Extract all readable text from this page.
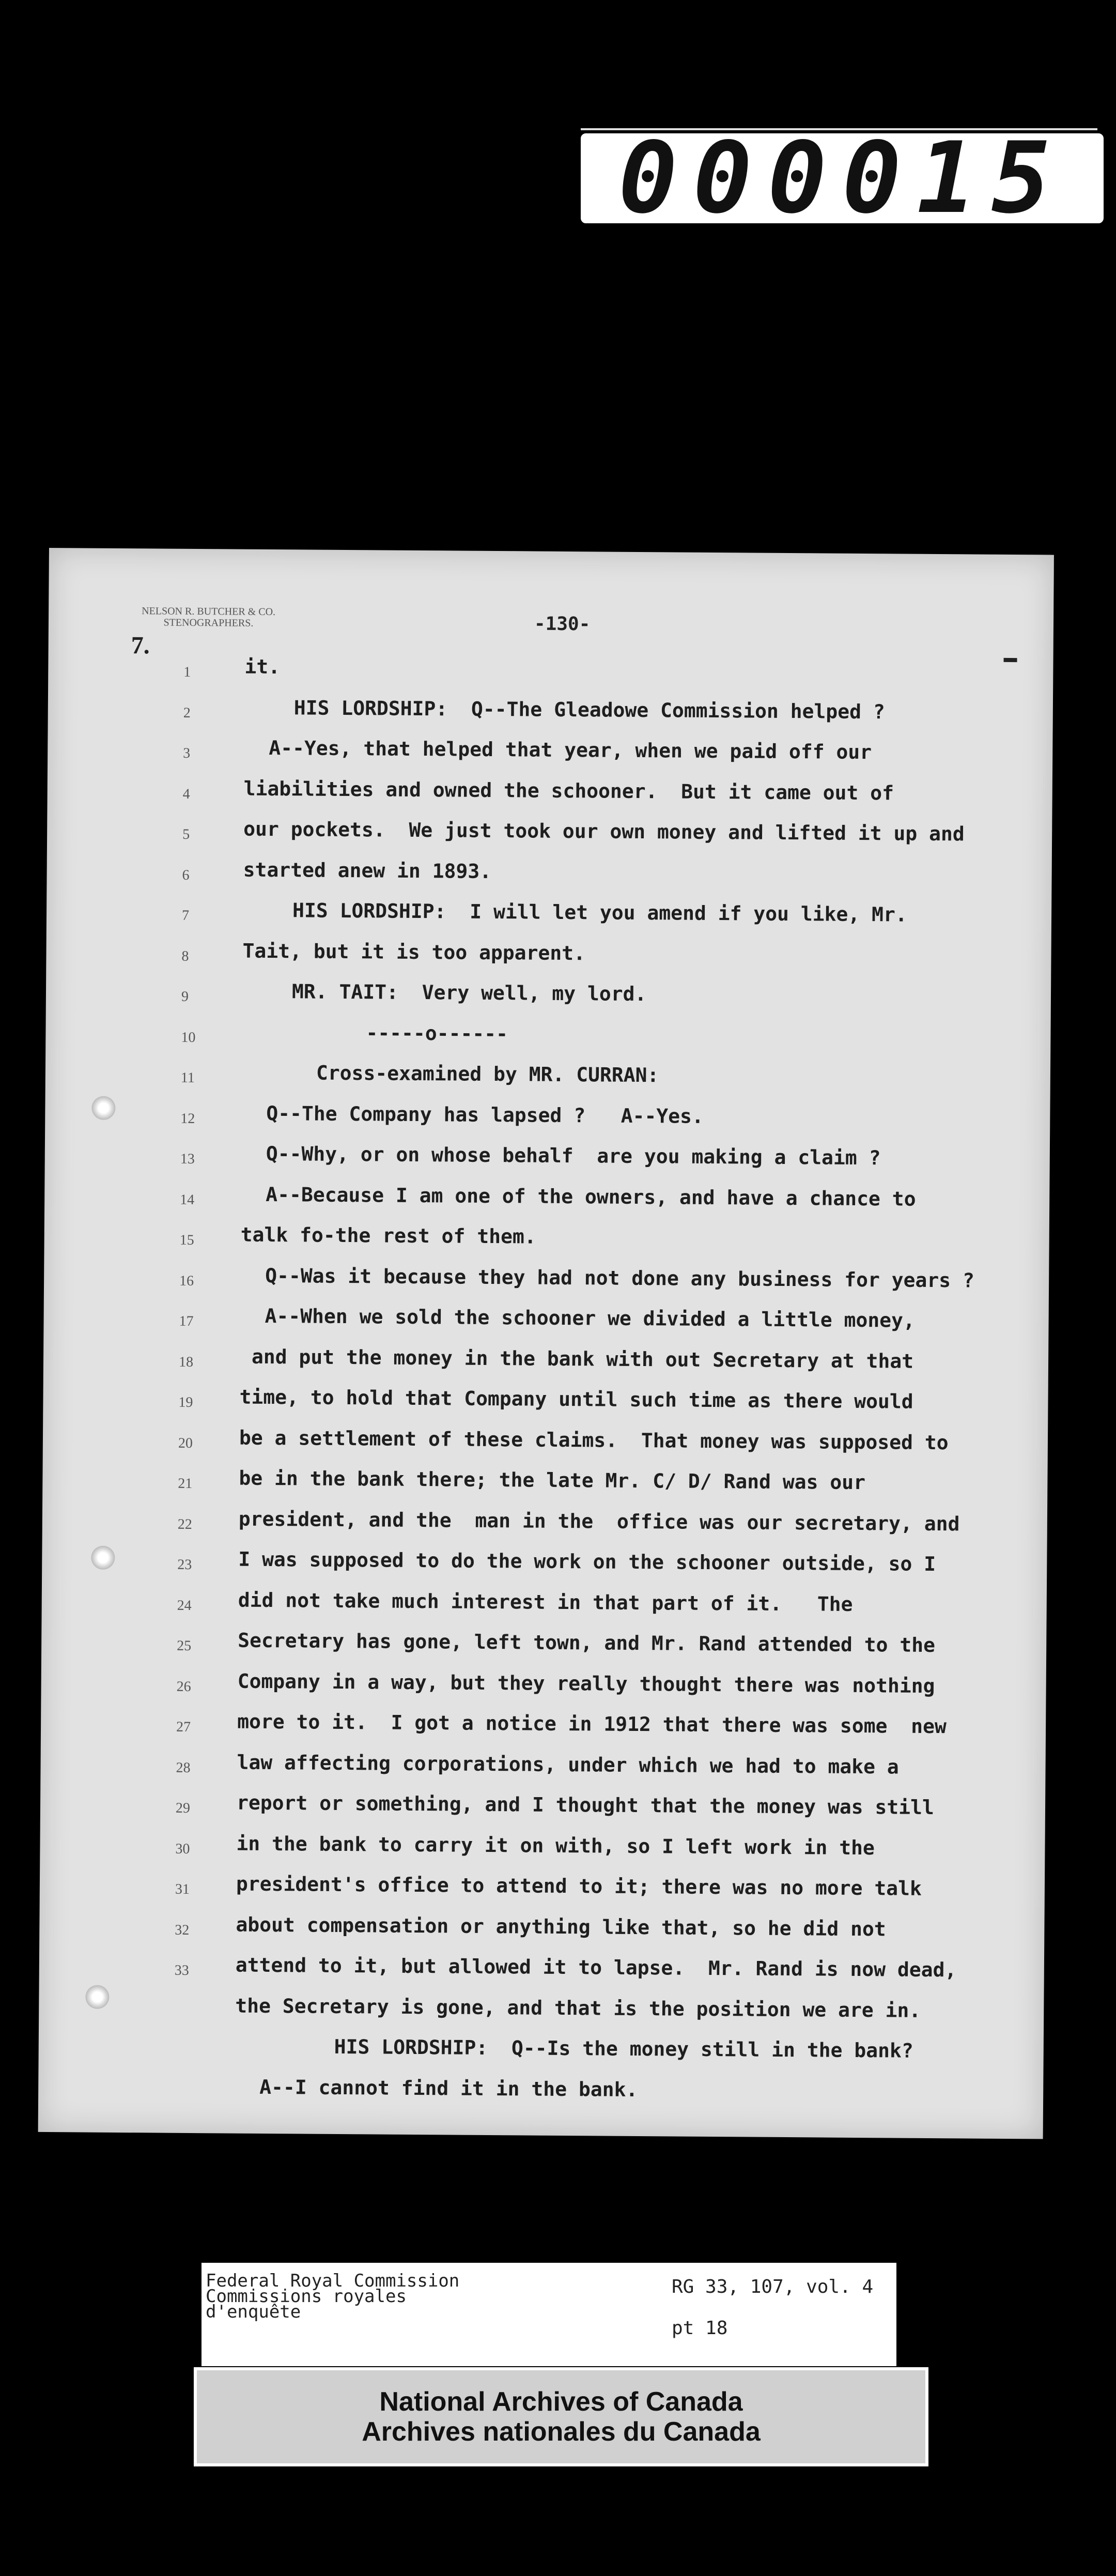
000015
NELSON R. BUTCHER & CO.
STENOGRAPHERS.	-130-
7.
1	it.
2	HIS LORDSHIP:  Q--The Gleadowe Commission helped ?
3	A--Yes, that helped that year, when we paid off our
4	liabilities and owned the schooner.  But it came out of
5	our pockets.  We just took our own money and lifted it up and
6	started anew in 1893.
7	HIS LORDSHIP:  I will let you amend if you like, Mr.
8	Tait, but it is too apparent.
9	MR. TAIT:  Very well, my lord.
10	-----o------
11	Cross-examined by MR. CURRAN:
12	Q--The Company has lapsed ?   A--Yes.
13	Q--Why, or on whose behalf  are you making a claim ?
14	A--Because I am one of the owners, and have a chance to
15 talk fo-the rest of them.
16	Q--Was it because they had not done any business for years ?
17	A--When we sold the schooner we divided a little money,
18 and put the money in the bank with out Secretary at that
19 time, to hold that Company until such time as there would
20 be a settlement of these claims.  That money was supposed to
21 be in the bank there; the late Mr. C/ D/ Rand was our
22 president, and the  man in the  office was our secretary, and
23 I was supposed to do the work on the schooner outside, so I
24 did not take much interest in that part of it.   The
25 Secretary has gone, left town, and Mr. Rand attended to the
26 Company in a way, but they really thought there was nothing
27 more to it.  I got a notice in 1912 that there was some  new
28 law affecting corporations, under which we had to make a
29 report or something, and I thought that the money was still
30 in the bank to carry it on with, so I left work in the
31 president's office to attend to it; there was no more talk
32 about compensation or anything like that, so he did not
33 attend to it, but allowed it to lapse.  Mr. Rand is now dead,
the Secretary is gone, and that is the position we are in.
HIS LORDSHIP:  Q--Is the money still in the bank?
A--I cannot find it in the bank.
Federal Royal Commission
Commissions royales
d'enquête
RG 33, 107, vol. 4
pt 18
National Archives of Canada
Archives nationales du Canada
